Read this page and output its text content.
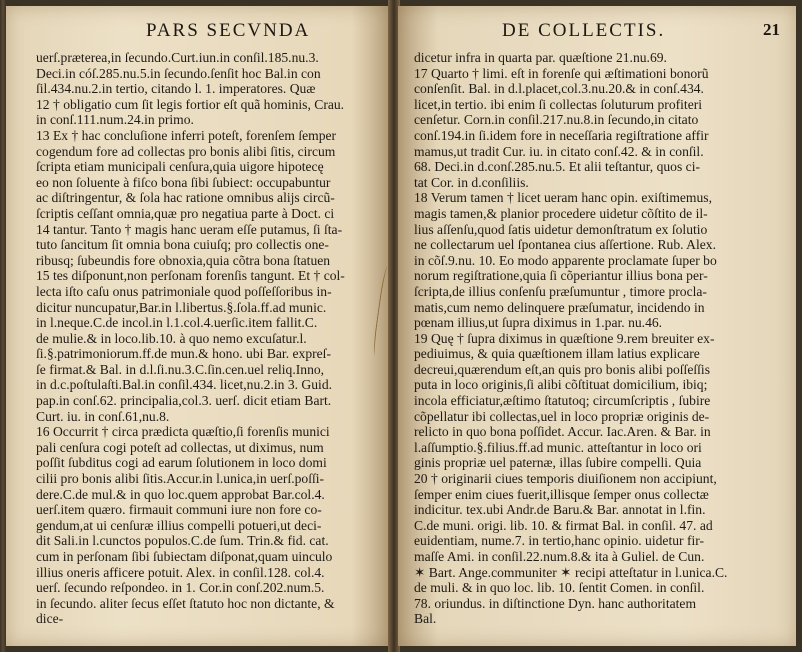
PARS SECVNDA
uerſ.præterea,in ſecundo.Curt.iun.in conſil.185.nu.3.
Deci.in cóſ.285.nu.5.in ſecundo.ſenſit hoc Bal.in con
ſil.434.nu.2.in tertio, citando l. 1. imperatores. Quæ
12 † obligatio cum ſit legis fortior eſt quã hominis, Crau.
in conſ.111.num.24.in primo.
13 Ex † hac concluſione inferri poteſt, forenſem ſemper
cogendum fore ad collectas pro bonis alibi ſitis, circum
ſcripta etiam municipali cenſura,quia uigore hipotecę
eo non ſoluente à fiſco bona ſibi ſubiect: occupabuntur
ac diſtringentur, & ſola hac ratione omnibus alijs circũ-
ſcriptis ceſſant omnia,quæ pro negatiua parte à Doct. ci
14 tantur. Tanto † magis hanc ueram eſſe putamus, ſi ſta-
tuto ſancitum ſit omnia bona cuiuſq; pro collectis one-
ribusq; ſubeundis fore obnoxia,quia cõtra bona ſtatuen
15 tes diſponunt,non perſonam forenſis tangunt. Et † col-
lecta iſto caſu onus patrimoniale quod poſſeſſoribus in-
dicitur nuncupatur,Bar.in l.libertus.§.ſola.ff.ad munic.
in l.neque.C.de incol.in l.1.col.4.uerſic.item fallit.C.
de mulie.& in loco.lib.10. à quo nemo excuſatur.l.
ſi.§.patrimoniorum.ff.de mun.& hono. ubi Bar. expreſ-
ſe firmat.& Bal. in d.l.ſi.nu.3.C.ſin.cen.uel reliq.Inno,
in d.c.poſtulaſti.Bal.in conſil.434. licet,nu.2.in 3. Guid.
pap.in conſ.62. principalia,col.3. uerſ. dicit etiam Bart.
Curt. iu. in conſ.61,nu.8.
16 Occurrit † circa prædicta quæſtio,ſi forenſis munici
pali cenſura cogi poteſt ad collectas, ut diximus, num
poſſit ſubditus cogi ad earum ſolutionem in loco domi
cilii pro bonis alibi ſitis.Accur.in l.unica,in uerſ.poſſi-
dere.C.de mul.& in quo loc.quem approbat Bar.col.4.
uerſ.item quæro. firmauit communi iure non fore co-
gendum,at ui cenſuræ illius compelli potueri,ut deci-
dit Sali.in l.cunctos populos.C.de ſum. Trin.& fid. cat.
cum in perſonam ſibi ſubiectam diſponat,quam uinculo
illius oneris afficere potuit. Alex. in conſil.128. col.4.
uerſ. ſecundo reſpondeo. in 1. Cor.in conſ.202.num.5.
in ſecundo. aliter ſecus eſſet ſtatuto hoc non dictante, &
dice-
DE COLLECTIS.	21
dicetur infra in quarta par. quæſtione 21.nu.69.
17 Quarto † limi. eſt in forenſe qui æſtimationi bonorũ
conſenſit. Bal. in d.l.placet,col.3.nu.20.& in conſ.434.
licet,in tertio. ibi enim ſi collectas ſoluturum profiteri
cenſetur. Corn.in conſil.217.nu.8.in ſecundo,in citato
conſ.194.in ſi.idem fore in neceſſaria regiſtratione affir
mamus,ut tradit Cur. iu. in citato conſ.42. & in conſil.
68. Deci.in d.conſ.285.nu.5. Et alii teſtantur, quos ci-
tat Cor. in d.conſiliis.
18 Verum tamen † licet ueram hanc opin. exiſtimemus,
magis tamen,& planior procedere uidetur cõſtito de il-
lius aſſenſu,quod ſatis uidetur demonſtratum ex ſolutio
ne collectarum uel ſpontanea cius aſſertione. Rub. Alex.
in cõſ.9.nu. 10. Eo modo apparente proclamate ſuper bo
norum regiſtratione,quia ſi cõperiantur illius bona per-
ſcripta,de illius conſenſu præſumuntur , timore procla-
matis,cum nemo delinquere præſumatur, incidendo in
pœnam illius,ut ſupra diximus in 1.par. nu.46.
19 Quę † ſupra diximus in quæſtione 9.rem breuiter ex-
pediuimus, & quia quæſtionem illam latius explicare
decreui,quærendum eſt,an quis pro bonis alibi poſſeſſis
puta in loco originis,ſi alibi cõſtituat domicilium, ibiq;
incola efficiatur,æſtimo ſtatutoq; circumſcriptis , ſubire
cõpellatur ibi collectas,uel in loco propriæ originis de-
relicto in quo bona poſſidet. Accur. Iac.Aren. & Bar. in
l.aſſumptio.§.filius.ff.ad munic. atteſtantur in loco ori
ginis propriæ uel paternæ, illas ſubire compelli. Quia
20 † originarii ciues temporis diuiſionem non accipiunt,
ſemper enim ciues fuerit,illisque ſemper onus collectæ
indicitur. tex.ubi Andr.de Baru.& Bar. annotat in l.fin.
C.de muni. origi. lib. 10. & firmat Bal. in conſil. 47. ad
euidentiam, nume.7. in tertio,hanc opinio. uidetur fir-
maſſe Ami. in conſil.22.num.8.& ita à Guliel. de Cun.
✶ Bart. Ange.communiter ✶ recipi atteſtatur in l.unica.C.
de muli. & in quo loc. lib. 10. ſentit Comen. in conſil.
78. oriundus. in diſtinctione Dyn. hanc authoritatem
Bal.
